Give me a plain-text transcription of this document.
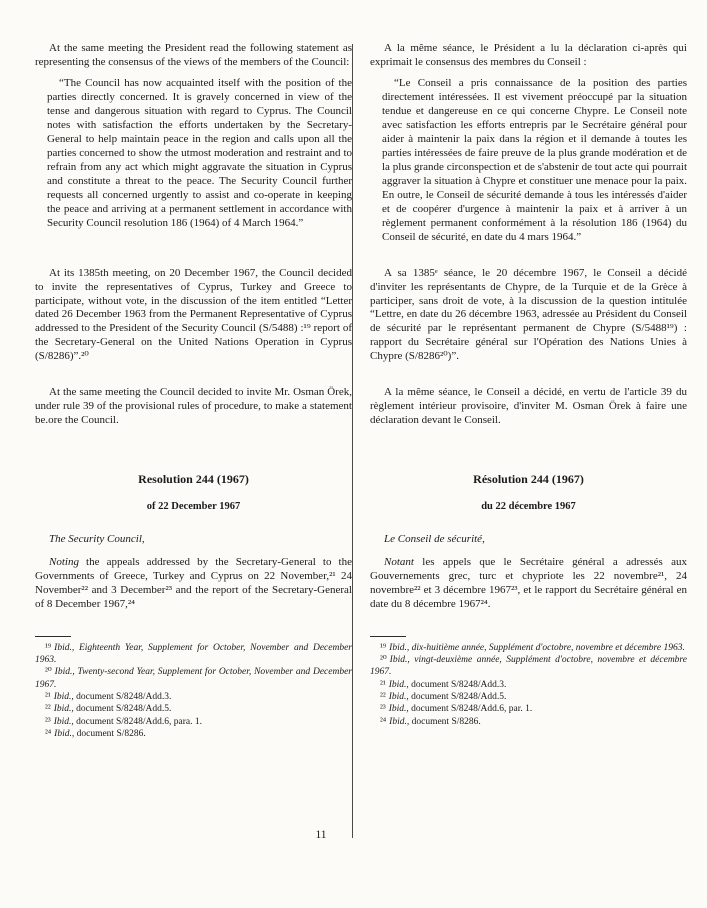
At the same meeting the President read the following statement as representing the consensus of the views of the members of the Council:

A la même séance, le Président a lu la déclaration ci-après qui exprimait le consensus des membres du Conseil :

“The Council has now acquainted itself with the position of the parties directly concerned. It is gravely concerned in view of the tense and dangerous situation with regard to Cyprus. The Council notes with satisfaction the efforts undertaken by the Secretary-General to help maintain peace in the region and calls upon all the parties concerned to show the utmost moderation and restraint and to refrain from any act which might aggravate the situation in Cyprus and constitute a threat to the peace. The Security Council further requests all concerned urgently to assist and co-operate in keeping the peace and arriving at a permanent settlement in accordance with Security Council resolution 186 (1964) of 4 March 1964.”

“Le Conseil a pris connaissance de la position des parties directement intéressées. Il est vivement préoccupé par la situation tendue et dangereuse en ce qui concerne Chypre. Le Conseil note avec satisfaction les efforts entrepris par le Secrétaire général pour aider à maintenir la paix dans la région et il demande à toutes les parties intéressées de faire preuve de la plus grande modération et de la plus grande circonspection et de s'abstenir de tout acte qui pourrait aggraver la situation à Chypre et constituer une menace pour la paix. En outre, le Conseil de sécurité demande à tous les intéressés d'aider et de coopérer d'urgence à maintenir la paix et à arriver à un règlement permanent conformément à la résolution 186 (1964) du Conseil de sécurité, en date du 4 mars 1964.”

At its 1385th meeting, on 20 December 1967, the Council decided to invite the representatives of Cyprus, Turkey and Greece to participate, without vote, in the discussion of the item entitled “Letter dated 26 December 1963 from the Permanent Representative of Cyprus addressed to the President of the Security Council (S/5488) :¹⁹ report of the Secretary-General on the United Nations Operation in Cyprus (S/8286)”.²⁰

A sa 1385ᵉ séance, le 20 décembre 1967, le Conseil a décidé d'inviter les représentants de Chypre, de la Turquie et de la Grèce à participer, sans droit de vote, à la discussion de la question intitulée “Lettre, en date du 26 décembre 1963, adressée au Président du Conseil de sécurité par le représentant permanent de Chypre (S/5488¹⁹) : rapport du Secrétaire général sur l'Opération des Nations Unies à Chypre (S/8286²⁰)”.

At the same meeting the Council decided to invite Mr. Osman Örek, under rule 39 of the provisional rules of procedure, to make a statement be.ore the Council.

A la même séance, le Conseil a décidé, en vertu de l'article 39 du règlement intérieur provisoire, d'inviter M. Osman Örek à faire une déclaration devant le Conseil.

Resolution 244 (1967)	Résolution 244 (1967)
of 22 December 1967	du 22 décembre 1967

The Security Council,	Le Conseil de sécurité,

Noting the appeals addressed by the Secretary-General to the Governments of Greece, Turkey and Cyprus on 22 November,²¹ 24 November²² and 3 December²³ and the report of the Secretary-General of 8 December 1967,²⁴

Notant les appels que le Secrétaire général a adressés aux Gouvernements grec, turc et chypriote les 22 novembre²¹, 24 novembre²² et 3 décembre 1967²³, et le rapport du Secrétaire général en date du 8 décembre 1967²⁴.

¹⁹ Ibid., Eighteenth Year, Supplement for October, November and December 1963.

²⁰ Ibid., Twenty-second Year, Supplement for October, November and December 1967.

²¹ Ibid., document S/8248/Add.3.

²² Ibid., document S/8248/Add.5.

²³ Ibid., document S/8248/Add.6, para. 1.

²⁴ Ibid., document S/8286.

¹⁹ Ibid., dix-huitième année, Supplément d'octobre, novembre et décembre 1963.

²⁰ Ibid., vingt-deuxième année, Supplément d'octobre, novembre et décembre 1967.

²¹ Ibid., document S/8248/Add.3.

²² Ibid., document S/8248/Add.5.

²³ Ibid., document S/8248/Add.6, par. 1.

²⁴ Ibid., document S/8286.

11
